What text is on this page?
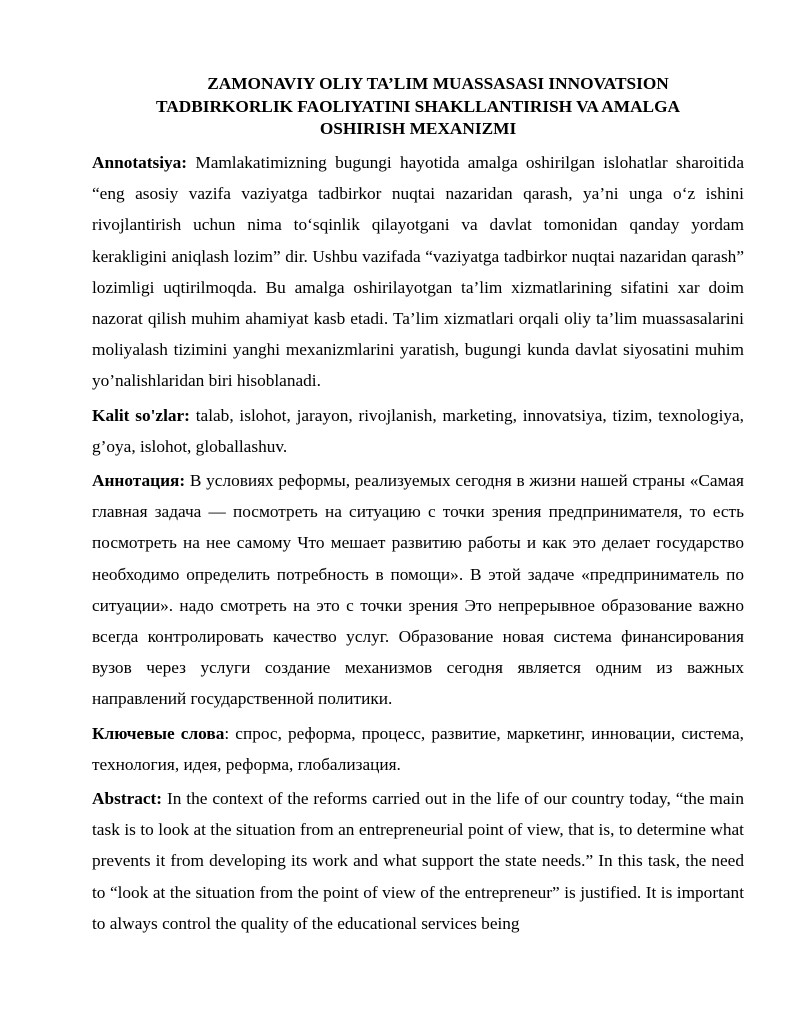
ZAMONAVIY OLIY TA’LIM MUASSASASI INNOVATSION
TADBIRKORLIK FAOLIYATINI SHAKLLANTIRISH VA AMALGA
OSHIRISH MEXANIZMI

Annotatsiya: Mamlakatimizning bugungi hayotida amalga oshirilgan islohatlar sharoitida “eng asosiy vazifa vaziyatga tadbirkor nuqtai nazaridan qarash, ya’ni unga o‘z ishini rivojlantirish uchun nima to‘sqinlik qilayotgani va davlat tomonidan qanday yordam kerakligini aniqlash lozim” dir. Ushbu vazifada “vaziyatga tadbirkor nuqtai nazaridan qarash” lozimligi uqtirilmoqda. Bu amalga oshirilayotgan ta’lim xizmatlarining sifatini xar doim nazorat qilish muhim ahamiyat kasb etadi. Ta’lim xizmatlari orqali oliy ta’lim muassasalarini moliyalash tizimini yanghi mexanizmlarini yaratish, bugungi kunda davlat siyosatini muhim yo’nalishlaridan biri hisoblanadi.

Kalit so'zlar: talab, islohot, jarayon, rivojlanish, marketing, innovatsiya, tizim, texnologiya, g’oya, islohot, globallashuv.

Аннотация: В условиях реформы, реализуемых сегодня в жизни нашей страны «Самая главная задача — посмотреть на ситуацию с точки зрения предпринимателя, то есть посмотреть на нее самому Что мешает развитию работы и как это делает государство необходимо определить потребность в помощи». В этой задаче «предприниматель по ситуации». надо смотреть на это с точки зрения Это непрерывное образование важно всегда контролировать качество услуг. Образование новая система финансирования вузов через услуги создание механизмов сегодня является одним из важных направлений государственной политики.

Ключевые слова: спрос, реформа, процесс, развитие, маркетинг, инновации, система, технология, идея, реформа, глобализация.

Abstract: In the context of the reforms carried out in the life of our country today, “the main task is to look at the situation from an entrepreneurial point of view, that is, to determine what prevents it from developing its work and what support the state needs.” In this task, the need to “look at the situation from the point of view of the entrepreneur” is justified. It is important to always control the quality of the educational services being
